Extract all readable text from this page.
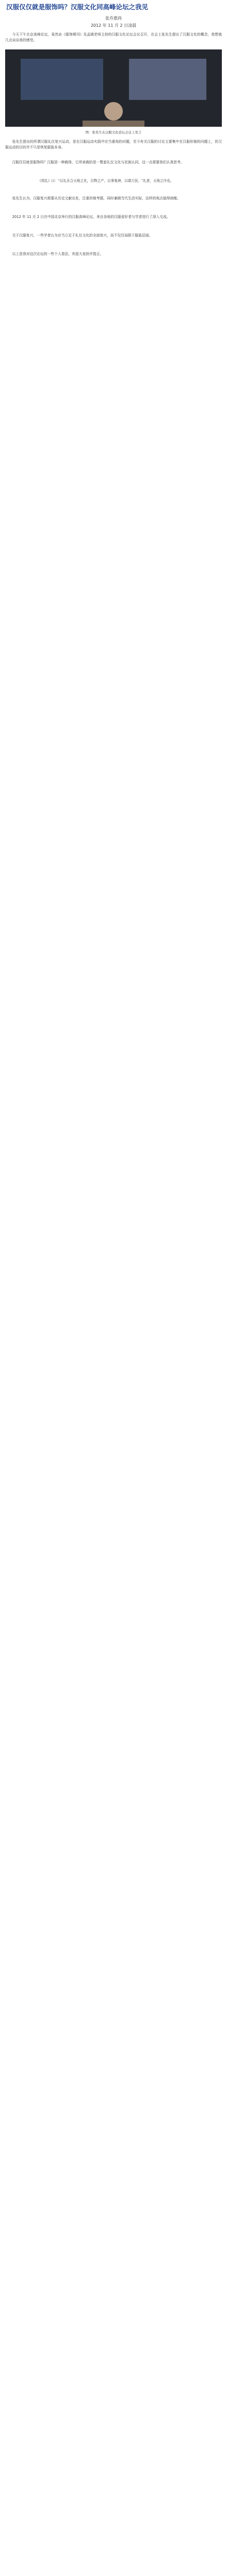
汉服仅仅就是服饰吗？汉服文化同高峰论坛之我见
张乔惠尚
2012 年 11 月 2 日凌晨
今天下午北京高峰论坛，竟然由《服饰期刊》及孟晓老师主持的汉服文化论坛会议召开，在会上张先生提出了汉服文化的概念，我想就几点谈谈我的感受。
图：张先生在汉服文化论坛会议上发言
张先生提出的所谓汉服礼仪复兴运动，是在汉服运动实践中应当重视的问题，至今有关汉服的讨论主要集中在汉服形制的问题上，但汉服运动的目的并不只是恢复服装本身。
汉服仅仅就是服饰吗？汉服是一种载体，它所承载的是一整套礼仪文化与民族认同，这一点需要我们认真思考。
《周礼》曰："以礼乐合天地之化，百物之产，以事鬼神，以谐万民。"礼者，天地之序也。
张先生认为，汉服复兴需要从历史文献出发，注重形制考据，同时兼顾当代生活实际，这样的观点值得商榷。
2012 年 11 月 2 日在中国北京举行的汉服高峰论坛，来自各地的汉服爱好者与学者进行了深入交流。
关于汉服复兴，一些学者认为应当立足于礼仪文化的全面复兴，而不仅仅局限于服装层面。
以上是我对这次论坛的一些个人看法，欢迎大家批评指正。
